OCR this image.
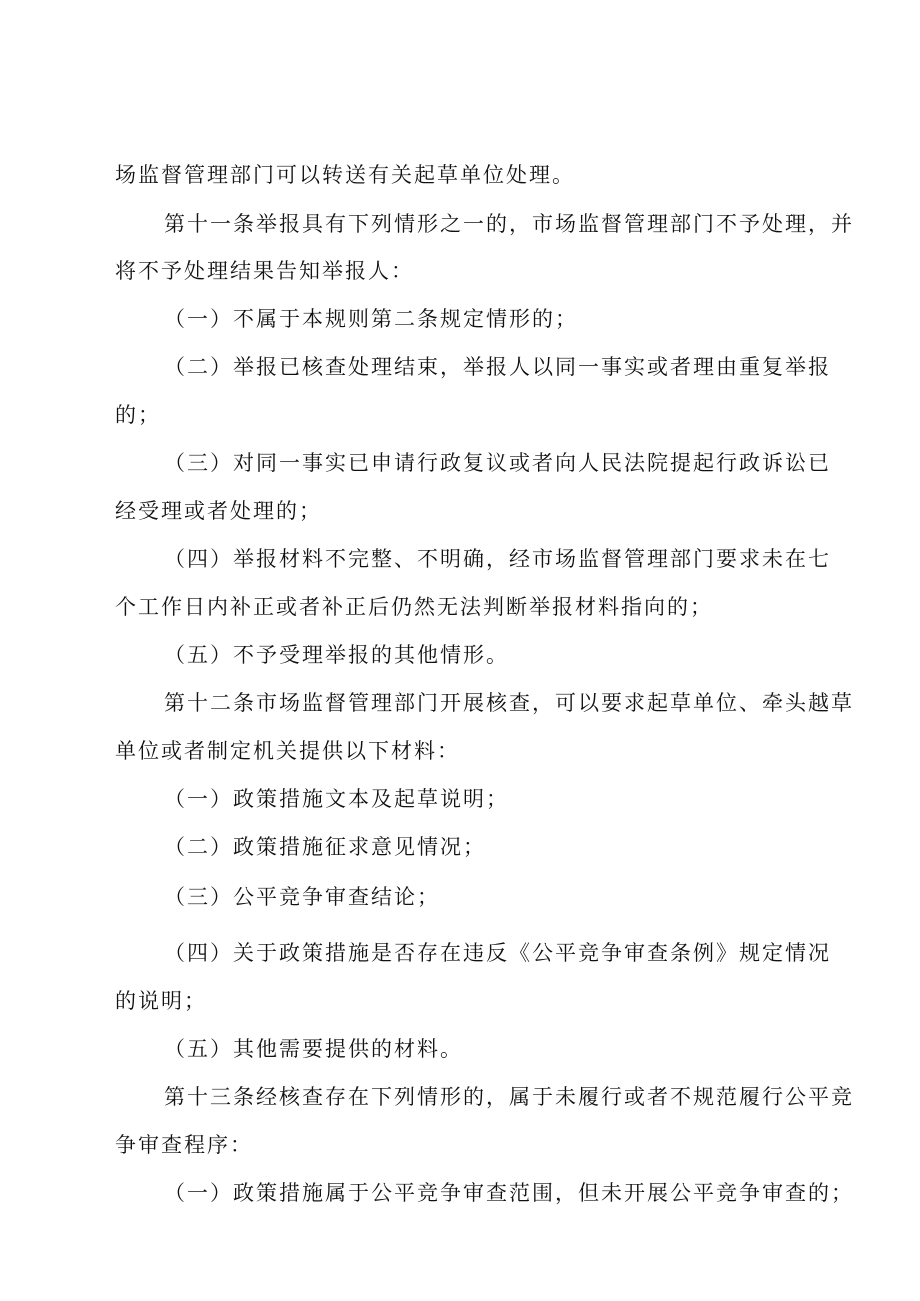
场监督管理部门可以转送有关起草单位处理。

第十一条举报具有下列情形之一的，市场监督管理部门不予处理，并

将不予处理结果告知举报人：

（一）不属于本规则第二条规定情形的；

（二）举报已核查处理结束，举报人以同一事实或者理由重复举报

的；

（三）对同一事实已申请行政复议或者向人民法院提起行政诉讼已

经受理或者处理的；

（四）举报材料不完整、不明确，经市场监督管理部门要求未在七

个工作日内补正或者补正后仍然无法判断举报材料指向的；

（五）不予受理举报的其他情形。

第十二条市场监督管理部门开展核查，可以要求起草单位、牵头越草

单位或者制定机关提供以下材料：

（一）政策措施文本及起草说明；

（二）政策措施征求意见情况；

（三）公平竞争审查结论；

（四）关于政策措施是否存在违反《公平竞争审查条例》规定情况

的说明；

（五）其他需要提供的材料。

第十三条经核查存在下列情形的，属于未履行或者不规范履行公平竞

争审查程序：

（一）政策措施属于公平竞争审查范围，但未开展公平竞争审查的；
